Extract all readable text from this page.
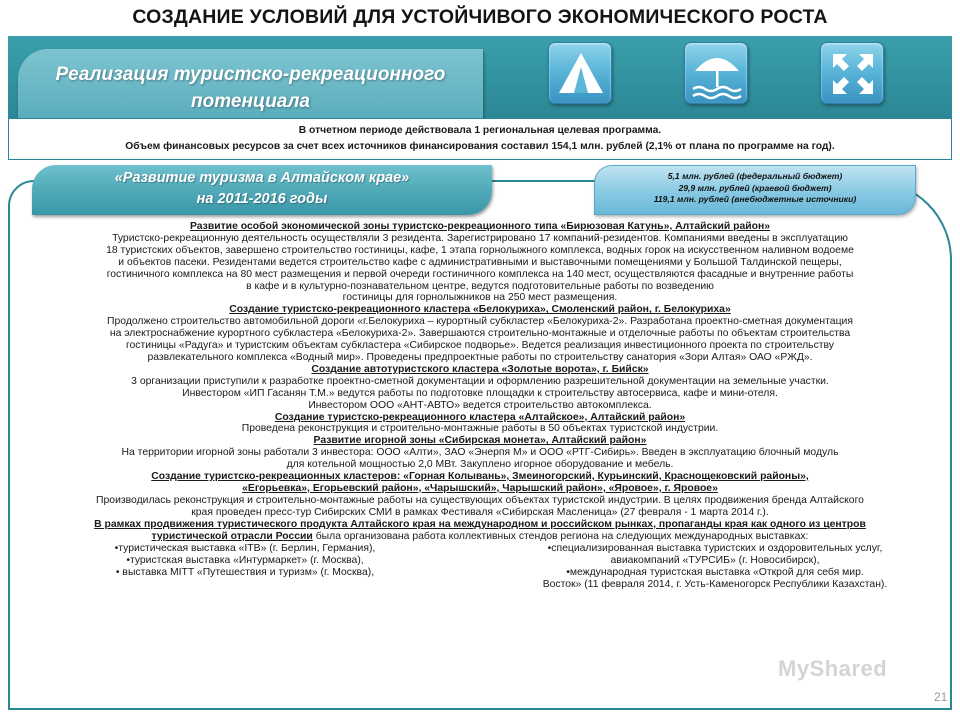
СОЗДАНИЕ УСЛОВИЙ ДЛЯ УСТОЙЧИВОГО ЭКОНОМИЧЕСКОГО РОСТА
Реализация туристско-рекреационного
потенциала
В отчетном периоде действовала 1 региональная целевая программа.
Объем финансовых ресурсов за счет всех источников финансирования составил 154,1 млн. рублей (2,1% от плана по программе на год).
«Развитие туризма в Алтайском крае»
на 2011-2016 годы
5,1 млн. рублей (федеральный бюджет)
29,9 млн. рублей (краевой бюджет)
119,1 млн. рублей (внебюджетные источники)

Развитие особой экономической зоны туристско-рекреационного типа «Бирюзовая Катунь», Алтайский район»

Туристско-рекреационную деятельность осуществляли 3 резидента. Зарегистрировано 17 компаний-резидентов. Компаниями введены в эксплуатацию

18 туристских объектов, завершено строительство гостиницы, кафе, 1 этапа горнолыжного комплекса, водных горок на искусственном наливном водоеме

и объектов пасеки. Резидентами ведется строительство кафе с административными и выставочными помещениями у Большой Талдинской пещеры,

гостиничного комплекса на 80 мест размещения и первой очереди гостиничного комплекса на 140 мест, осуществляются фасадные и внутренние работы

в кафе и в культурно-познавательном центре, ведутся подготовительные работы по возведению

гостиницы для горнолыжников на 250 мест размещения.

Создание туристско-рекреационного кластера «Белокуриха», Смоленский район, г. Белокуриха»

Продолжено строительство автомобильной дороги «г.Белокуриха – курортный субкластер «Белокуриха-2». Разработана проектно-сметная документация

на электроснабжение курортного субкластера «Белокуриха-2». Завершаются строительно-монтажные и отделочные работы по объектам строительства

гостиницы «Радуга» и туристским объектам субкластера «Сибирское подворье». Ведется реализация инвестиционного проекта по строительству

развлекательного комплекса «Водный мир». Проведены предпроектные работы по строительству санатория «Зори Алтая» ОАО «РЖД».

Создание автотуристского кластера «Золотые ворота», г. Бийск»

3 организации приступили к разработке проектно-сметной документации и оформлению разрешительной документации на земельные участки.

Инвестором «ИП Гасанян Т.М.» ведутся работы по подготовке площадки к строительству автосервиса, кафе и мини-отеля.

Инвестором ООО «АНТ-АВТО» ведется строительство автокомплекса.

Создание туристско-рекреационного кластера «Алтайское», Алтайский район»

Проведена реконструкция и строительно-монтажные работы в 50 объектах туристской индустрии.

Развитие игорной зоны «Сибирская монета», Алтайский район»

На территории игорной зоны работали 3 инвестора: ООО «Алти», ЗАО «Энерпя М» и ООО «РТГ-Сибирь». Введен в эксплуатацию блочный модуль

для котельной мощностью 2,0 МВт. Закуплено игорное оборудование и мебель.

Создание туристско-рекреационных кластеров: «Горная Колывань», Змеиногорский, Курьинский, Краснощековский районы»,

«Егорьевка», Егорьевский район», «Чарышский», Чарышский район», «Яровое», г. Яровое»

Производилась реконструкция и строительно-монтажные работы на существующих объектах туристской индустрии. В целях продвижения бренда Алтайского

края проведен пресс-тур Сибирских СМИ в рамках Фестиваля «Сибирская Масленица» (27 февраля - 1 марта 2014 г.).

В рамках продвижения туристического продукта Алтайского края на международном и российском рынках, пропаганды края как одного из центров

туристической отрасли России была организована работа коллективных стендов региона на следующих международных выставках:

•туристическая выставка «ITB» (г. Берлин, Германия),

•туристская выставка «Интурмаркет» (г. Москва),

• выставка MITT «Путешествия и туризм» (г. Москва),

•специализированная выставка туристских и оздоровительных услуг,

авиакомпаний «ТУРСИБ» (г. Новосибирск),

•международная туристская выставка «Открой для себя мир.

Восток» (11 февраля 2014, г. Усть-Каменогорск Республики Казахстан).

MyShared
21
